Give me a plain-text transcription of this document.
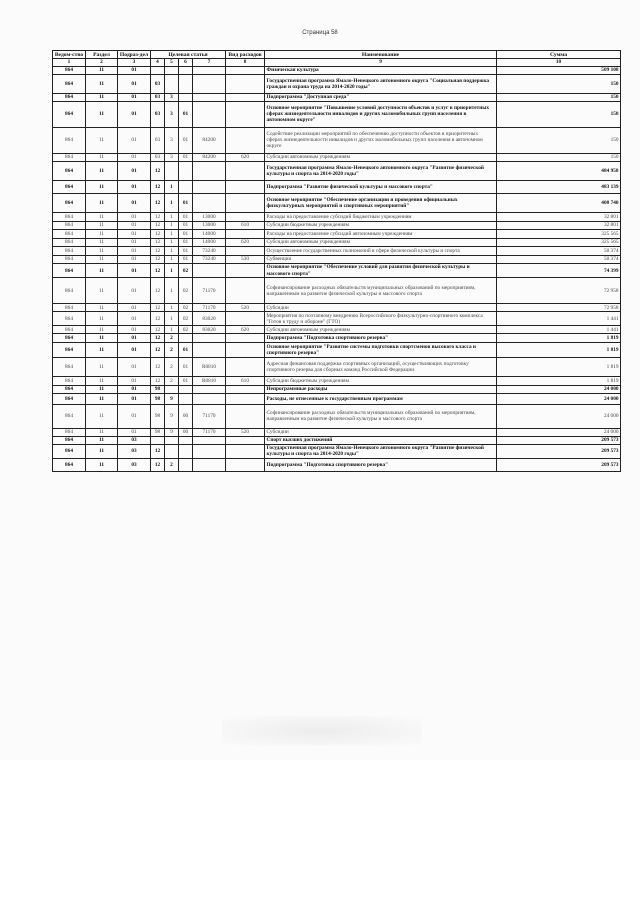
Страница 58
Ведом-ство	Раздел	Подраз-дел	Целевая статья				Вид расходов	Наименование	Сумма
1	2	3	4	5	6	7	8	9	10
864	11	01						Физическая культура	509 108
864	11	01	03					Государственная программа Ямало-Ненецкого автономного округа "Социальная поддержка граждан и охрана труда на 2014-2020 годы"	150
864	11	01	03	3				Подпрограмма "Доступная среда"	150
864	11	01	03	3	01			Основное мероприятие "Повышение условий доступности объектов и услуг в приоритетных сферах жизнедеятельности инвалидов и других маломобильных групп населения в автономном округе"	150
864	11	01	03	3	01	84200		Содействие реализации мероприятий по обеспечению доступности объектов в приоритетных сферах жизнедеятельности инвалидов и других маломобильных групп населения в автономном округе	150
864	11	01	03	3	01	84200	620	Субсидии автономным учреждениям	150
864	11	01	12					Государственная программа Ямало-Ненецкого автономного округа "Развитие физической культуры и спорта на 2014-2020 годы"	484 958
864	11	01	12	1				Подпрограмма "Развитие физической культуры и массового спорта"	483 139
864	11	01	12	1	01			Основное мероприятие "Обеспечение организации и проведения официальных физкультурных мероприятий и спортивных мероприятий"	408 740
864	11	01	12	1	01	13000		Расходы на предоставление субсидий бюджетным учреждениям	32 801
864	11	01	12	1	01	13000	610	Субсидии бюджетным учреждениям	32 801
864	11	01	12	1	01	14000		Расходы на предоставление субсидий автономным учреждениям	325 565
864	11	01	12	1	01	14000	620	Субсидии автономным учреждениям	325 565
864	11	01	12	1	01	73240		Осуществление государственных полномочий в сфере физической культуры и спорта	50 374
864	11	01	12	1	01	73240	530	Субвенции	50 374
864	11	01	12	1	02			Основное мероприятие "Обеспечение условий для развития физической культуры и массового спорта"	74 399
864	11	01	12	1	02	71170		Софинансирование расходных обязательств муниципальных образований по мероприятиям, направленным на развитие физической культуры и массового спорта	72 958
864	11	01	12	1	02	71170	520	Субсидии	72 958
864	11	01	12	1	02	83020		Мероприятия по поэтапному внедрению Всероссийского физкультурно-спортивного комплекса "Готов к труду и обороне" (ГТО)	1 441
864	11	01	12	1	02	83020	620	Субсидии автономным учреждениям	1 441
864	11	01	12	2				Подпрограмма "Подготовка спортивного резерва"	1 819
864	11	01	12	2	01			Основное мероприятие "Развитие системы подготовки спортсменов высокого класса и спортивного резерва"	1 819
864	11	01	12	2	01	R0810		Адресная финансовая поддержка спортивных организаций, осуществляющих подготовку спортивного резерва для сборных команд Российской Федерации	1 819
864	11	01	12	2	01	R0810	610	Субсидии бюджетным учреждениям	1 819
864	11	01	98					Непрограммные расходы	24 000
864	11	01	98	9				Расходы, не отнесенные к государственным программам	24 000
864	11	01	98	9	00	71170		Софинансирование расходных обязательств муниципальных образований по мероприятиям, направленным на развитие физической культуры и массового спорта	24 000
864	11	01	98	9	00	71170	520	Субсидии	24 000
864	11	03						Спорт высших достижений	209 573
864	11	03	12					Государственная программа Ямало-Ненецкого автономного округа "Развитие физической культуры и спорта на 2014-2020 годы"	209 573
864	11	03	12	2				Подпрограмма "Подготовка спортивного резерва"	209 573
